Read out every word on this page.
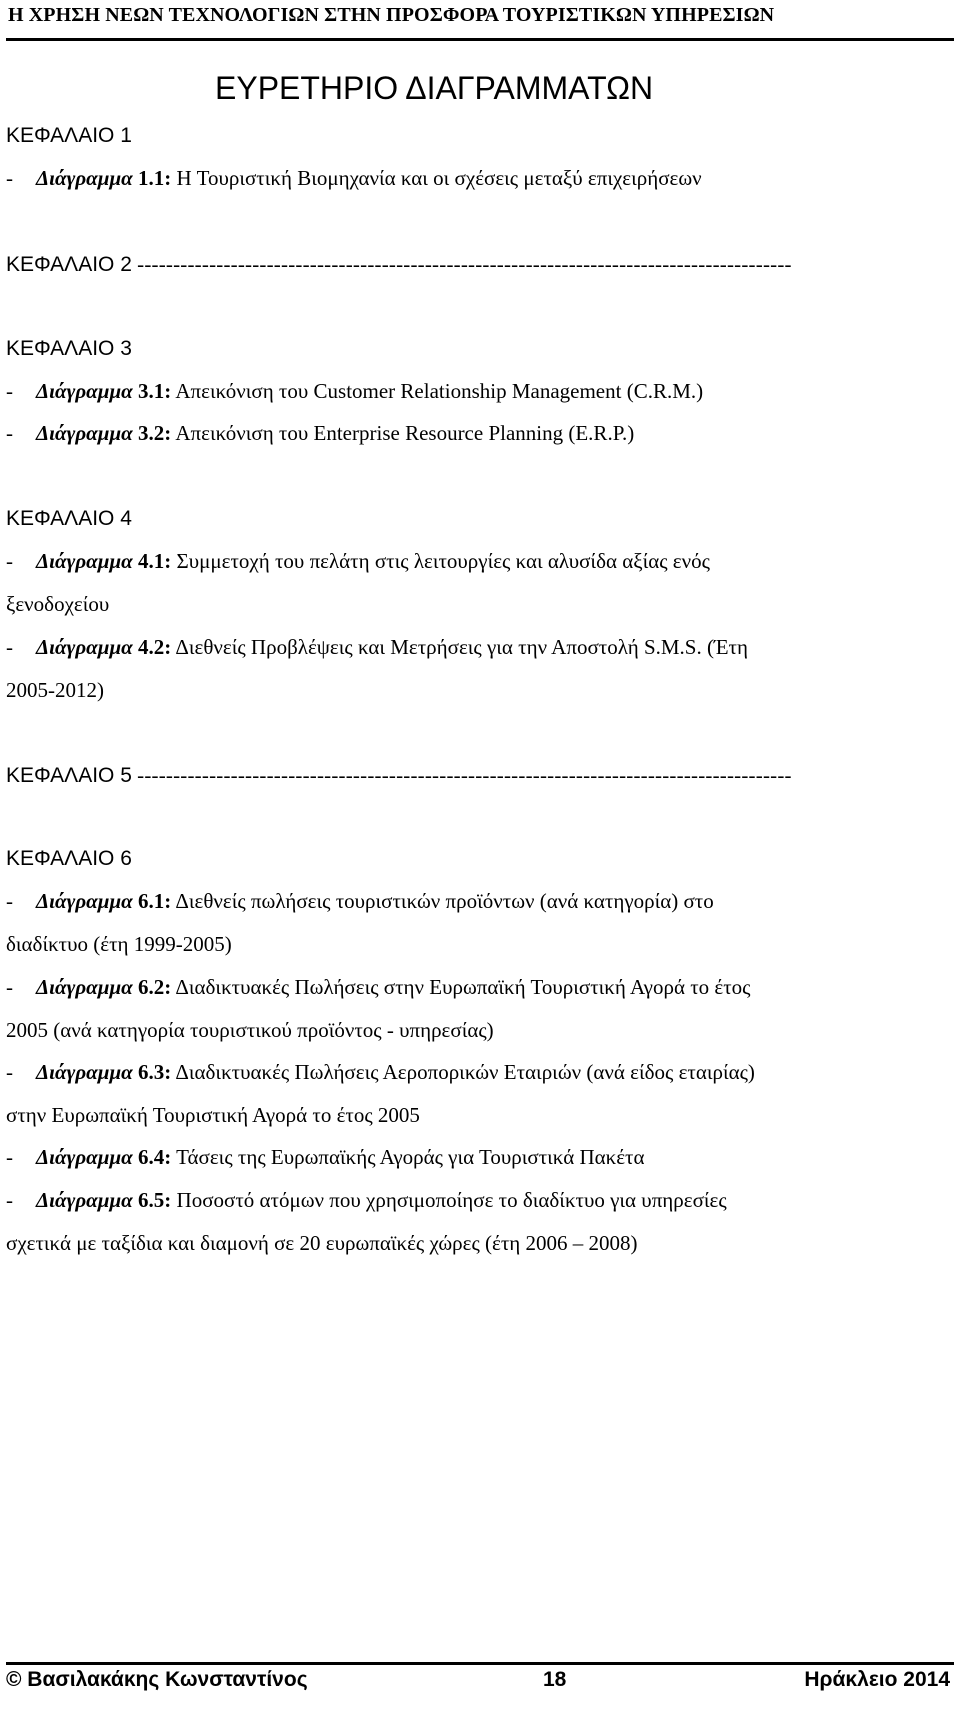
Η ΧΡΗΣΗ ΝΕΩΝ ΤΕΧΝΟΛΟΓΙΩΝ ΣΤΗΝ ΠΡΟΣΦΟΡΑ ΤΟΥΡΙΣΤΙΚΩΝ ΥΠΗΡΕΣΙΩΝ
ΕΥΡΕΤΗΡΙΟ ΔΙΑΓΡΑΜΜΑΤΩΝ
ΚΕΦΑΛΑΙΟ 1
- Διάγραμμα 1.1: Η Τουριστική Βιομηχανία και οι σχέσεις μεταξύ επιχειρήσεων
ΚΕΦΑΛΑΙΟ 2 -------------------------------------------------------------------------------------------
ΚΕΦΑΛΑΙΟ 3
- Διάγραμμα 3.1: Απεικόνιση του Customer Relationship Management (C.R.M.)
- Διάγραμμα 3.2: Απεικόνιση του Enterprise Resource Planning (E.R.P.)
ΚΕΦΑΛΑΙΟ 4
- Διάγραμμα 4.1: Συμμετοχή του πελάτη στις λειτουργίες και αλυσίδα αξίας ενός
ξενοδοχείου
- Διάγραμμα 4.2: Διεθνείς Προβλέψεις και Μετρήσεις για την Αποστολή S.M.S. (Έτη
2005-2012)
ΚΕΦΑΛΑΙΟ 5 -------------------------------------------------------------------------------------------
ΚΕΦΑΛΑΙΟ 6
- Διάγραμμα 6.1: Διεθνείς πωλήσεις τουριστικών προϊόντων (ανά κατηγορία) στο
διαδίκτυο (έτη 1999-2005)
- Διάγραμμα 6.2: Διαδικτυακές Πωλήσεις στην Ευρωπαϊκή Τουριστική Αγορά το έτος
2005 (ανά κατηγορία τουριστικού προϊόντος - υπηρεσίας)
- Διάγραμμα 6.3: Διαδικτυακές Πωλήσεις Αεροπορικών Εταιριών (ανά είδος εταιρίας)
στην Ευρωπαϊκή Τουριστική Αγορά το έτος 2005
- Διάγραμμα 6.4: Τάσεις της Ευρωπαϊκής Αγοράς για Τουριστικά Πακέτα
- Διάγραμμα 6.5: Ποσοστό ατόμων που χρησιμοποίησε το διαδίκτυο για υπηρεσίες
σχετικά με ταξίδια και διαμονή σε 20 ευρωπαϊκές χώρες (έτη 2006 – 2008)
© Βασιλακάκης Κωνσταντίνος	18	Ηράκλειο 2014
